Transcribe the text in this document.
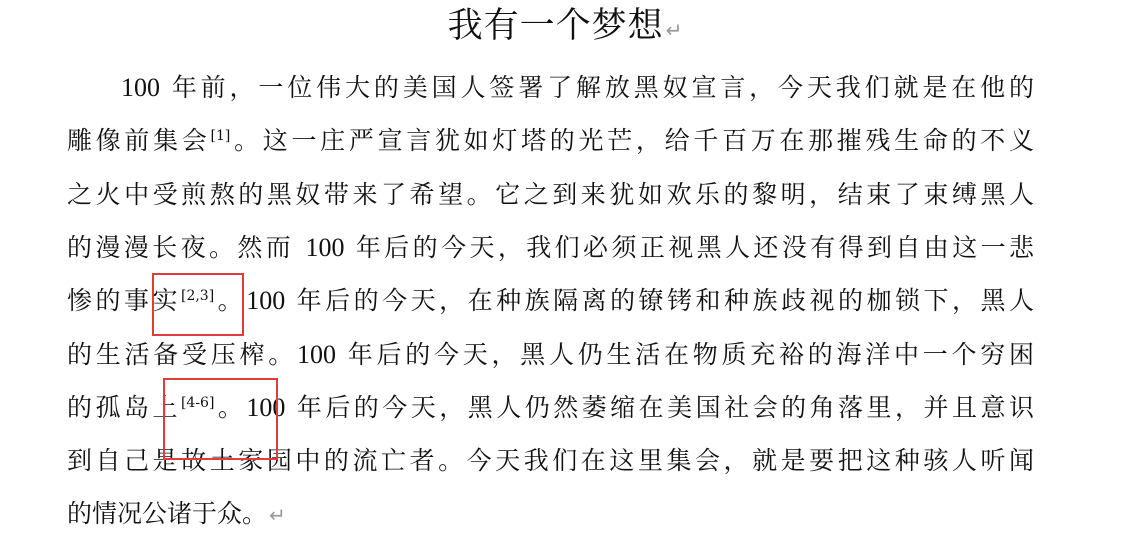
我有一个梦想 ↵
100 年前，一位伟大的美国人签署了解放黑奴宣言，今天我们就是在他的
雕像前集会[1]。这一庄严宣言犹如灯塔的光芒，给千百万在那摧残生命的不义
之火中受煎熬的黑奴带来了希望。它之到来犹如欢乐的黎明，结束了束缚黑人
的漫漫长夜。然而 100 年后的今天，我们必须正视黑人还没有得到自由这一悲
惨的事实[2,3]。100 年后的今天，在种族隔离的镣铐和种族歧视的枷锁下，黑人
的生活备受压榨。100 年后的今天，黑人仍生活在物质充裕的海洋中一个穷困
的孤岛上[4-6]。100 年后的今天，黑人仍然萎缩在美国社会的角落里，并且意识
到自己是故土家园中的流亡者。今天我们在这里集会，就是要把这种骇人听闻
的情况公诸于众。 ↵
